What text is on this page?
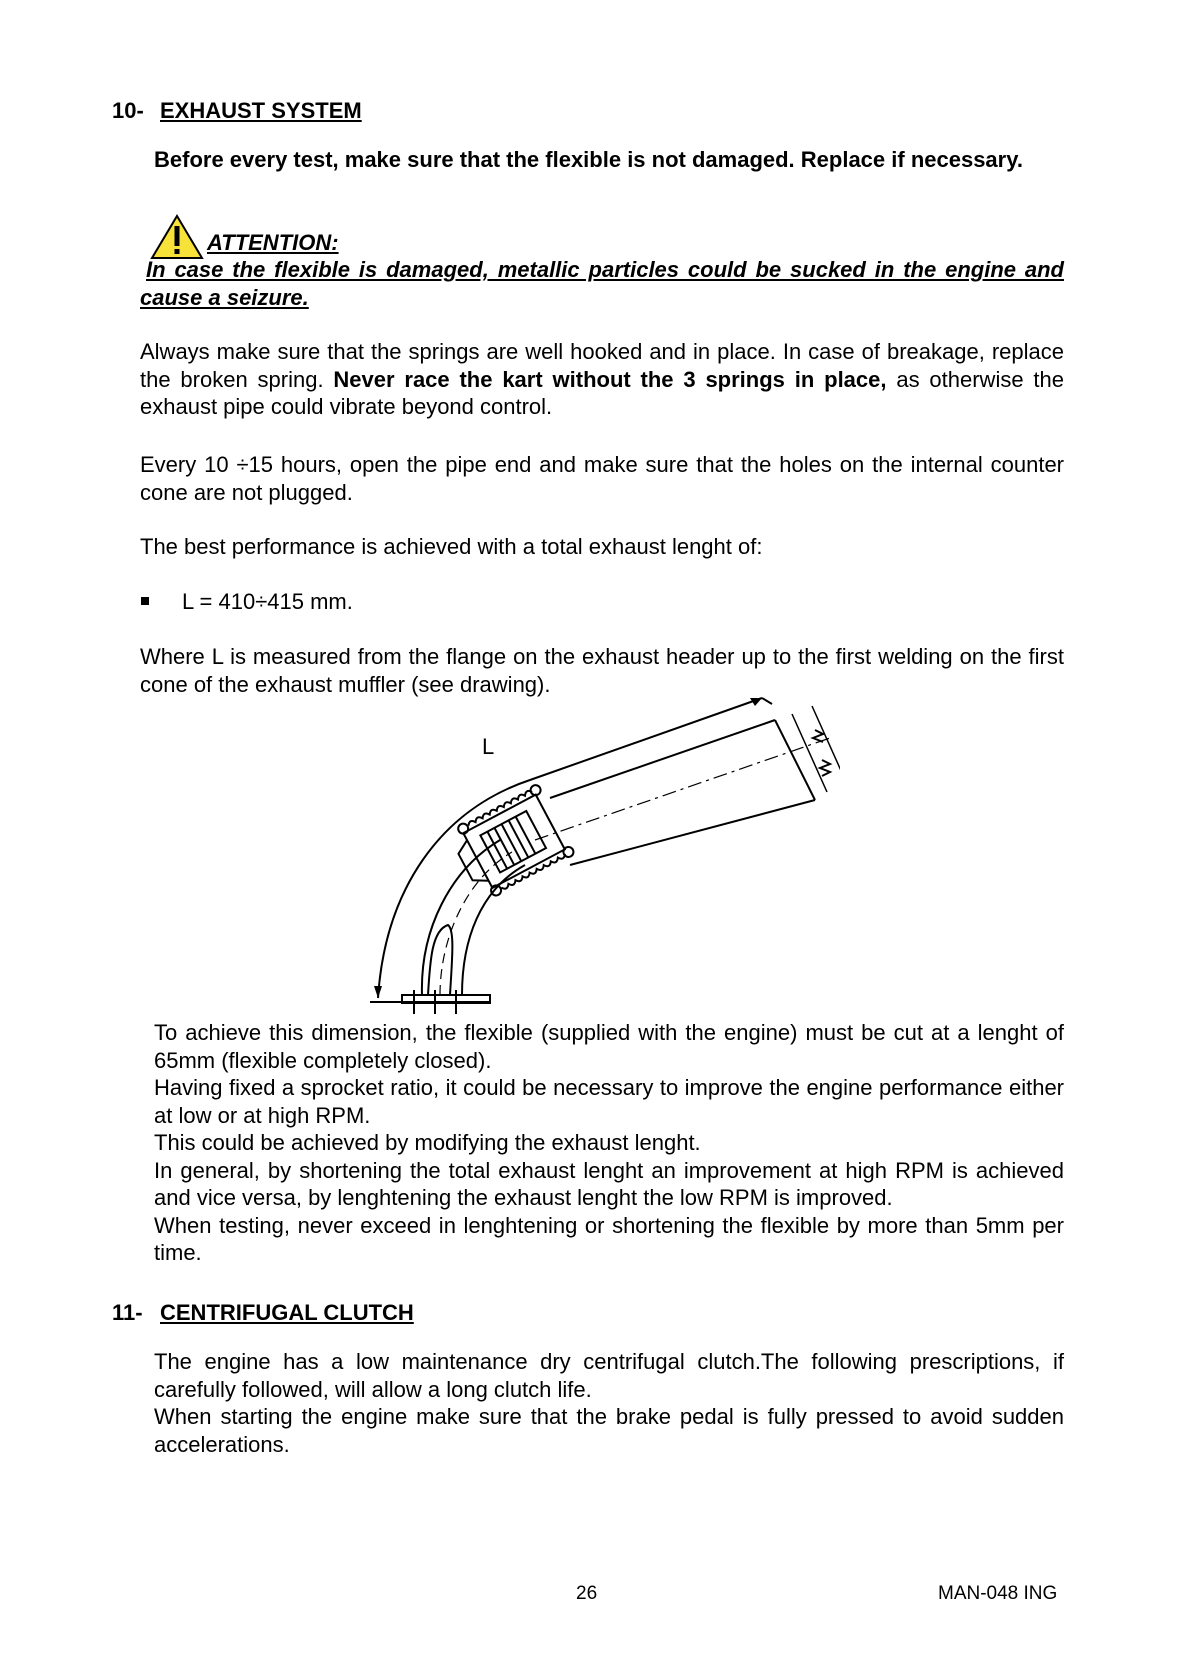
10- EXHAUST SYSTEM
Before every test, make sure that the flexible is not damaged. Replace if necessary.
ATTENTION:
In case the flexible is damaged, metallic particles could be sucked in the engine and cause a seizure.
Always make sure that the springs are well hooked and in place. In case of breakage, replace the broken spring. Never race the kart without the 3 springs in place, as otherwise the exhaust pipe could vibrate beyond control.
Every 10 ÷15 hours, open the pipe end and make sure that the holes on the internal counter cone are not plugged.
The best performance is achieved with a total exhaust lenght of:
L = 410÷415 mm.
Where L is measured from the flange on the exhaust header up to the first welding on the first cone of the exhaust muffler (see drawing).
L
To achieve this dimension, the flexible (supplied with the engine) must be cut at a lenght of 65mm (flexible completely closed).
Having fixed a sprocket ratio, it could be necessary to improve the engine performance either at low or at high RPM.
This could be achieved by modifying the exhaust lenght.
In general, by shortening the total exhaust lenght an improvement at high RPM is achieved and vice versa, by lenghtening the exhaust lenght the low RPM is improved.
When testing, never exceed in lenghtening or shortening the flexible by more than 5mm per time.
11- CENTRIFUGAL CLUTCH
The engine has a low maintenance dry centrifugal clutch.The following prescriptions, if carefully followed, will allow a long clutch life.
When starting the engine make sure that the brake pedal is fully pressed to avoid sudden accelerations.
26	MAN-048 ING
